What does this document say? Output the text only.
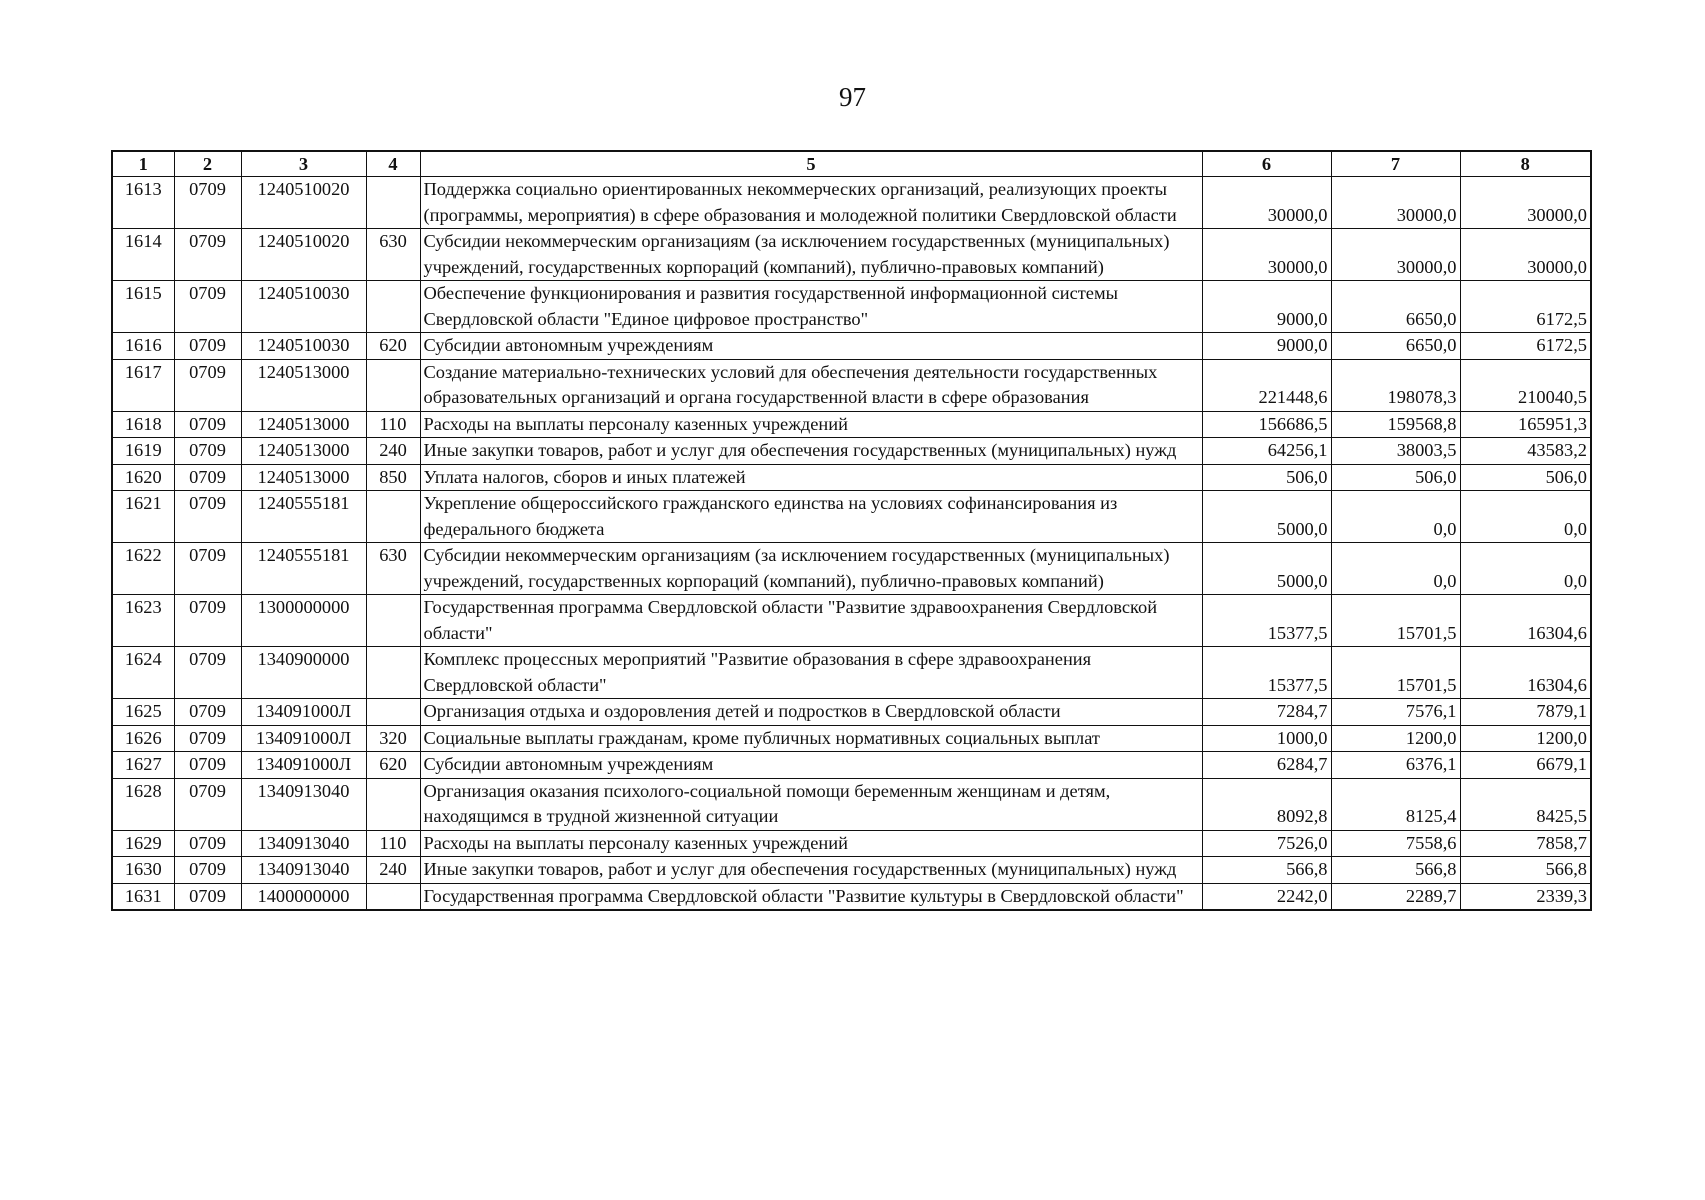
97
1	2	3	4	5	6	7	8
1613	0709	1240510020		Поддержка социально ориентированных некоммерческих организаций, реализующих проекты (программы, мероприятия) в сфере образования и молодежной политики Свердловской области	30000,0	30000,0	30000,0
1614	0709	1240510020	630	Субсидии некоммерческим организациям (за исключением государственных (муниципальных) учреждений, государственных корпораций (компаний), публично-правовых компаний)	30000,0	30000,0	30000,0
1615	0709	1240510030		Обеспечение функционирования и развития государственной информационной системы Свердловской области "Единое цифровое пространство"	9000,0	6650,0	6172,5
1616	0709	1240510030	620	Субсидии автономным учреждениям	9000,0	6650,0	6172,5
1617	0709	1240513000		Создание материально-технических условий для обеспечения деятельности государственных образовательных организаций и органа государственной власти в сфере образования	221448,6	198078,3	210040,5
1618	0709	1240513000	110	Расходы на выплаты персоналу казенных учреждений	156686,5	159568,8	165951,3
1619	0709	1240513000	240	Иные закупки товаров, работ и услуг для обеспечения государственных (муниципальных) нужд	64256,1	38003,5	43583,2
1620	0709	1240513000	850	Уплата налогов, сборов и иных платежей	506,0	506,0	506,0
1621	0709	1240555181		Укрепление общероссийского гражданского единства на условиях софинансирования из федерального бюджета	5000,0	0,0	0,0
1622	0709	1240555181	630	Субсидии некоммерческим организациям (за исключением государственных (муниципальных) учреждений, государственных корпораций (компаний), публично-правовых компаний)	5000,0	0,0	0,0
1623	0709	1300000000		Государственная программа Свердловской области "Развитие здравоохранения Свердловской области"	15377,5	15701,5	16304,6
1624	0709	1340900000		Комплекс процессных мероприятий "Развитие образования в сфере здравоохранения Свердловской области"	15377,5	15701,5	16304,6
1625	0709	134091000Л		Организация отдыха и оздоровления детей и подростков в Свердловской области	7284,7	7576,1	7879,1
1626	0709	134091000Л	320	Социальные выплаты гражданам, кроме публичных нормативных социальных выплат	1000,0	1200,0	1200,0
1627	0709	134091000Л	620	Субсидии автономным учреждениям	6284,7	6376,1	6679,1
1628	0709	1340913040		Организация оказания психолого-социальной помощи беременным женщинам и детям, находящимся в трудной жизненной ситуации	8092,8	8125,4	8425,5
1629	0709	1340913040	110	Расходы на выплаты персоналу казенных учреждений	7526,0	7558,6	7858,7
1630	0709	1340913040	240	Иные закупки товаров, работ и услуг для обеспечения государственных (муниципальных) нужд	566,8	566,8	566,8
1631	0709	1400000000		Государственная программа Свердловской области "Развитие культуры в Свердловской области"	2242,0	2289,7	2339,3
